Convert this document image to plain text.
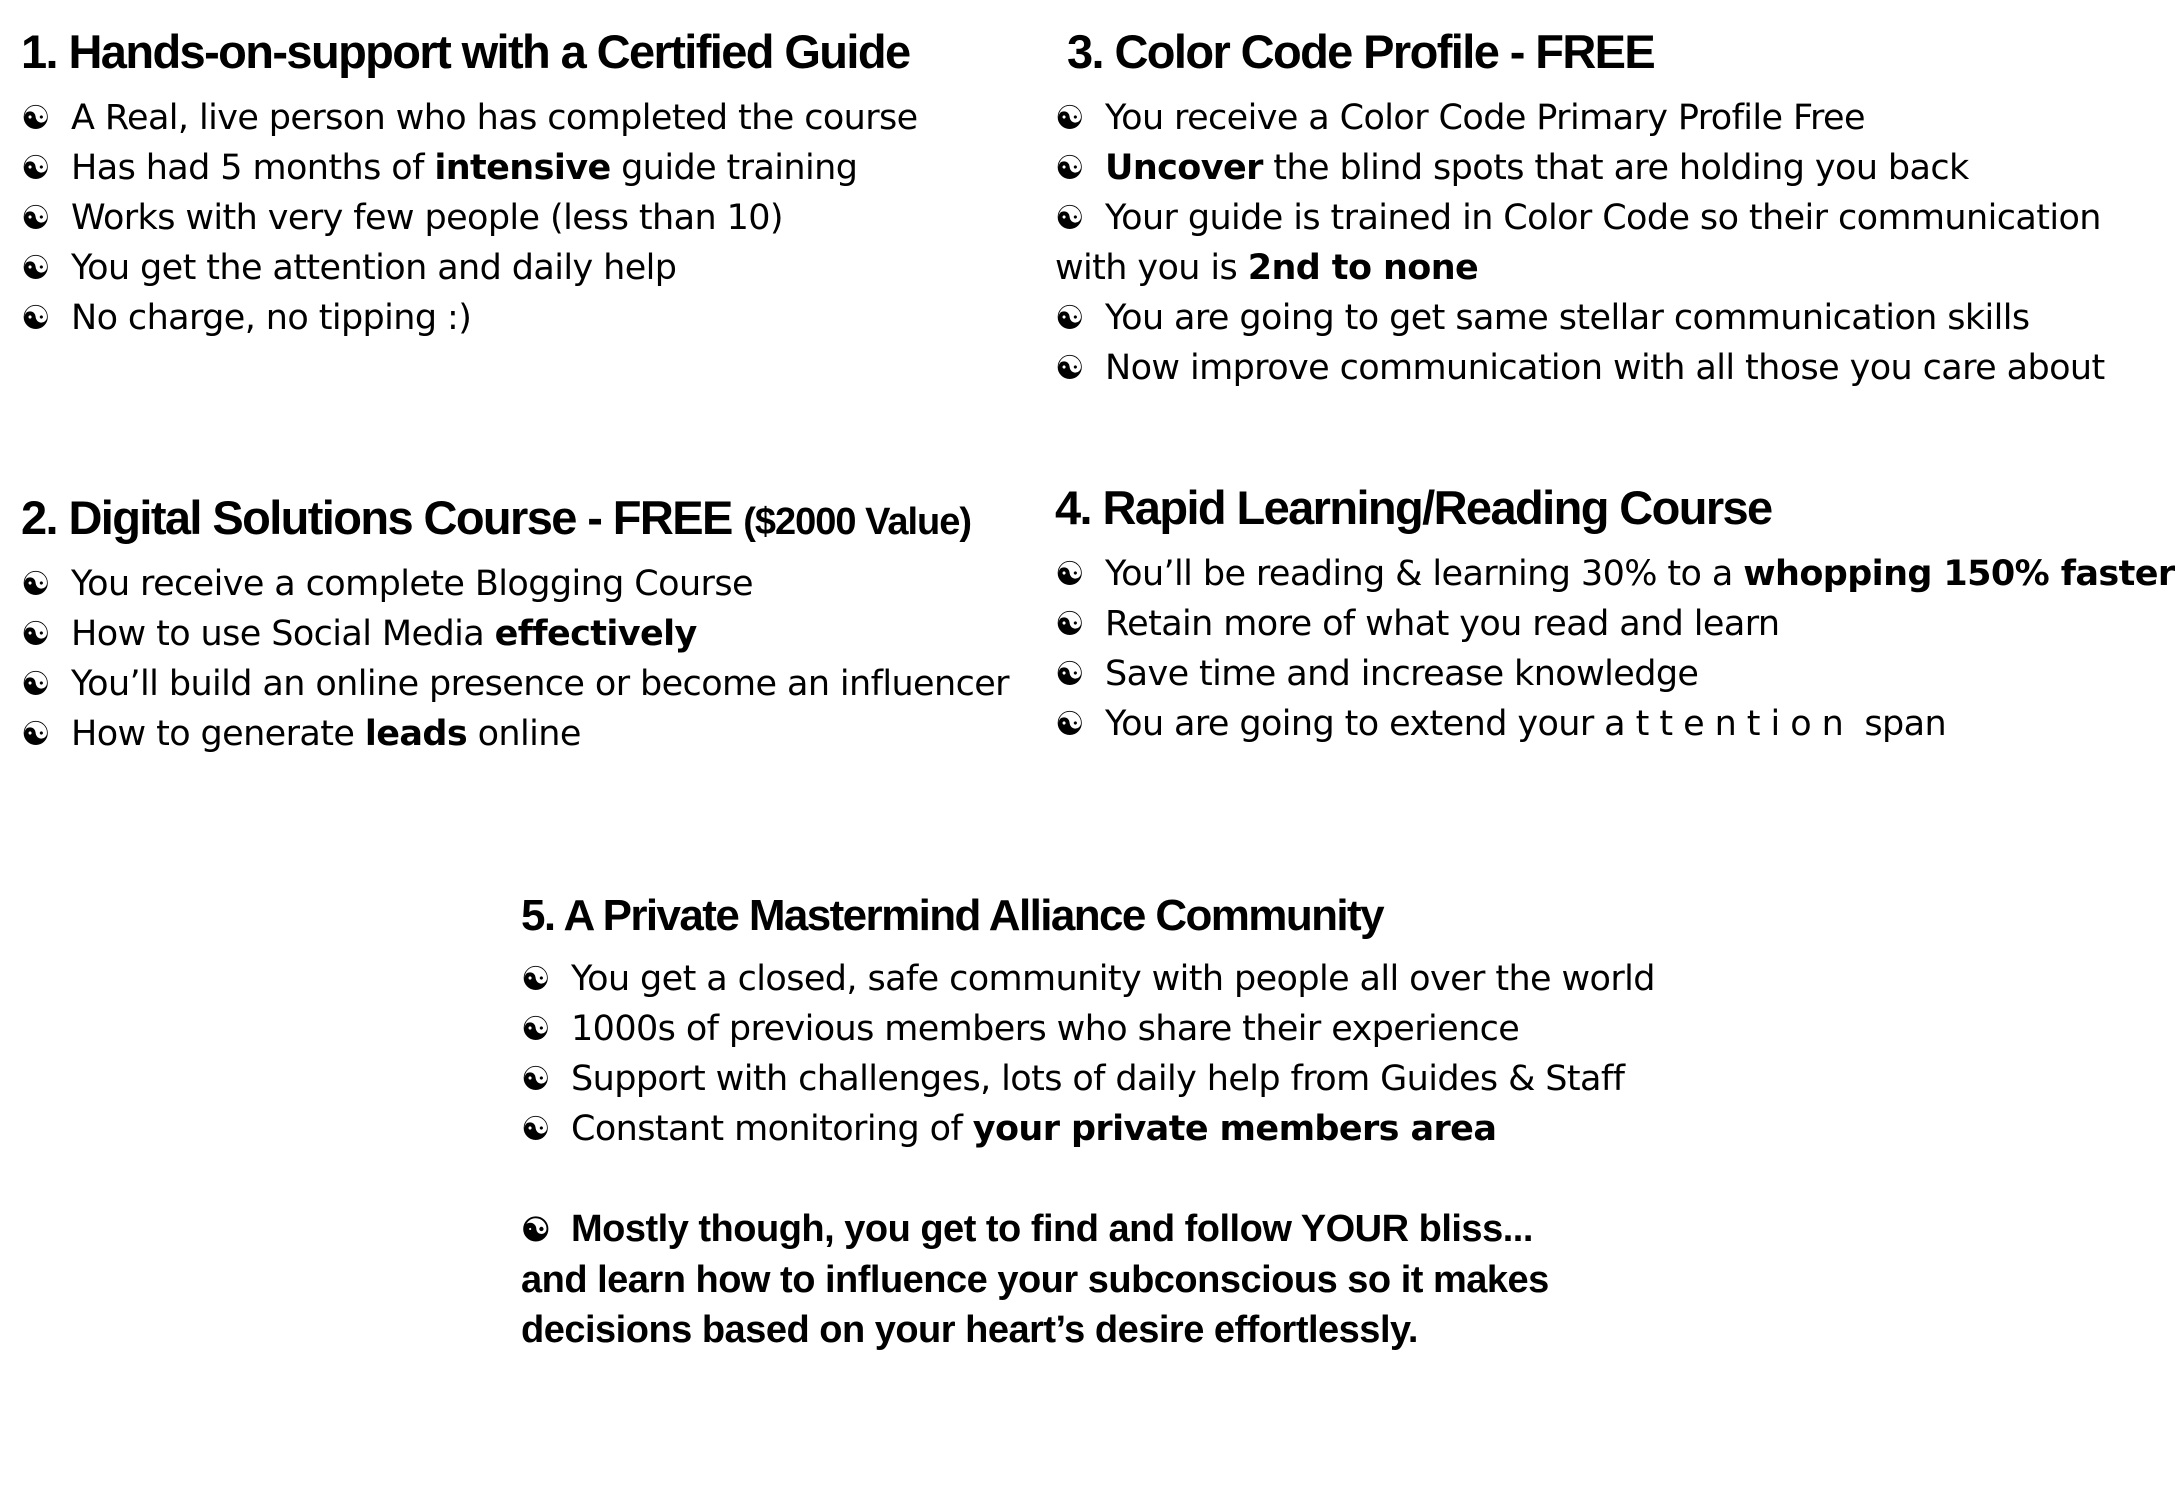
1. Hands-on-support with a Certified Guide
☯ A Real, live person who has completed the course
☯ Has had 5 months of intensive guide training
☯ Works with very few people (less than 10)
☯ You get the attention and daily help
☯ No charge, no tipping :)
2. Digital Solutions Course - FREE ($2000 Value)
☯ You receive a complete Blogging Course
☯ How to use Social Media effectively
☯ You’ll build an online presence or become an influencer
☯ How to generate leads online
3. Color Code Profile - FREE
☯ You receive a Color Code Primary Profile Free
☯ Uncover the blind spots that are holding you back
☯ Your guide is trained in Color Code so their communication
with you is 2nd to none
☯ You are going to get same stellar communication skills
☯ Now improve communication with all those you care about
4. Rapid Learning/Reading Course
☯ You’ll be reading & learning 30% to a whopping 150% faster
☯ Retain more of what you read and learn
☯ Save time and increase knowledge
☯ You are going to extend your attention span
5. A Private Mastermind Alliance Community
☯ You get a closed, safe community with people all over the world
☯ 1000s of previous members who share their experience
☯ Support with challenges, lots of daily help from Guides & Staff
☯ Constant monitoring of your private members area

☯ Mostly though, you get to find and follow YOUR bliss...

and learn how to influence your subconscious so it makes

decisions based on your heart’s desire effortlessly.
